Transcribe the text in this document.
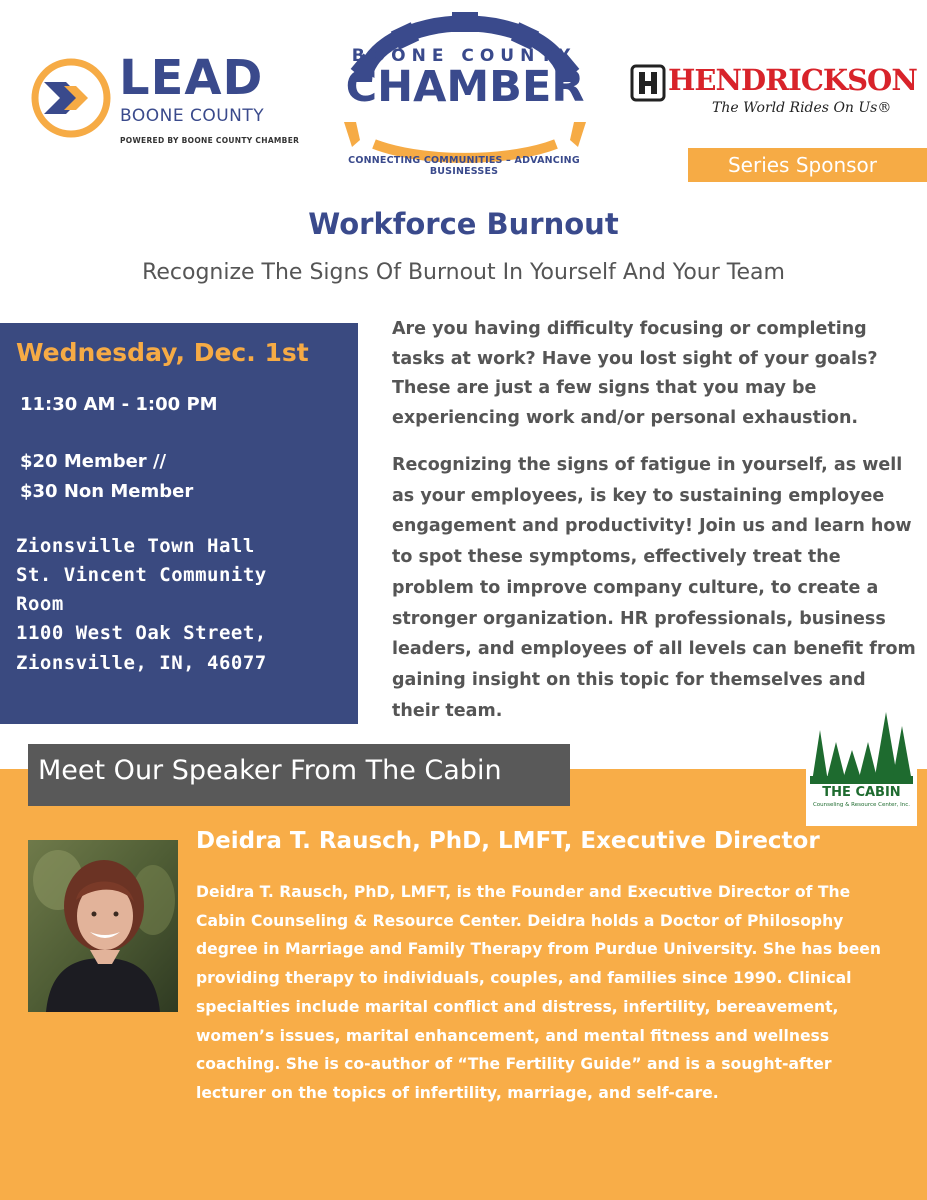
LEAD
BOONE COUNTY
POWERED BY BOONE COUNTY CHAMBER
BOONE COUNTY
CHAMBER
CONNECTING COMMUNITIES – ADVANCING BUSINESSES
HENDRICKSON
The World Rides On Us®
Series Sponsor
Workforce Burnout
Recognize The Signs Of Burnout In Yourself And Your Team
Wednesday, Dec. 1st
11:30 AM - 1:00 PM
$20 Member //
$30 Non Member
Zionsville Town Hall
St. Vincent Community
Room
1100 West Oak Street,
Zionsville, IN, 46077
Are you having difficulty focusing or completing tasks at work? Have you lost sight of your goals? These are just a few signs that you may be experiencing work and/or personal exhaustion.
Recognizing the signs of fatigue in yourself, as well as your employees, is key to sustaining employee engagement and productivity! Join us and learn how to spot these symptoms, effectively treat the problem to improve company culture, to create a stronger organization. HR professionals, business leaders, and employees of all levels can benefit from gaining insight on this topic for themselves and their team.
Meet Our Speaker From The Cabin
THE CABIN
Counseling & Resource Center, Inc.
Deidra T. Rausch, PhD, LMFT, Executive Director
Deidra T. Rausch, PhD, LMFT, is the Founder and Executive Director of The Cabin Counseling & Resource Center. Deidra holds a Doctor of Philosophy degree in Marriage and Family Therapy from Purdue University. She has been providing therapy to individuals, couples, and families since 1990. Clinical specialties include marital conflict and distress, infertility, bereavement, women’s issues, marital enhancement, and mental fitness and wellness coaching. She is co-author of “The Fertility Guide” and is a sought-after lecturer on the topics of infertility, marriage, and self-care.
